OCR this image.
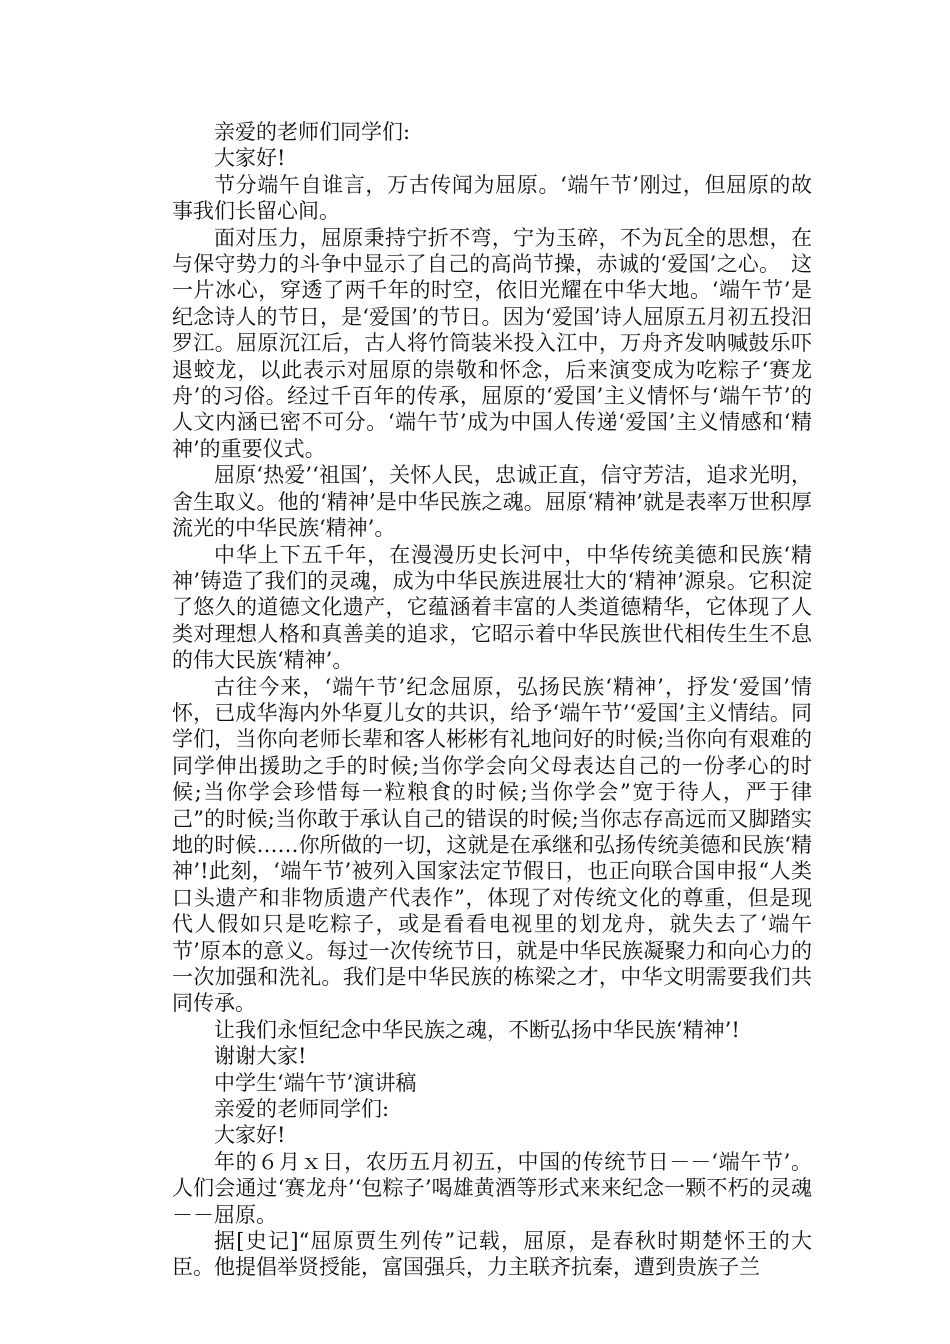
亲爱的老师们同学们:

大家好!

节分端午自谁言，万古传闻为屈原。‘端午节’刚过，但屈原的故事我们长留心间。

面对压力，屈原秉持宁折不弯，宁为玉碎，不为瓦全的思想，在与保守势力的斗争中显示了自己的高尚节操，赤诚的‘爱国’之心。　这一片冰心，穿透了两千年的时空，依旧光耀在中华大地。‘端午节’是纪念诗人的节日，是‘爱国’的节日。因为‘爱国’诗人屈原五月初五投汨罗江。屈原沉江后，古人将竹筒装米投入江中，万舟齐发呐喊鼓乐吓退蛟龙，以此表示对屈原的崇敬和怀念，后来演变成为吃粽子‘赛龙舟’的习俗。经过千百年的传承，屈原的‘爱国’主义情怀与‘端午节’的人文内涵已密不可分。‘端午节’成为中国人传递‘爱国’主义情感和‘精神’的重要仪式。

屈原‘热爱’‘祖国’，关怀人民，忠诚正直，信守芳洁，追求光明，舍生取义。他的‘精神’是中华民族之魂。屈原‘精神’就是表率万世积厚流光的中华民族‘精神’。

中华上下五千年，在漫漫历史长河中，中华传统美德和民族‘精神’铸造了我们的灵魂，成为中华民族进展壮大的‘精神’源泉。它积淀了悠久的道德文化遗产，它蕴涵着丰富的人类道德精华，它体现了人类对理想人格和真善美的追求，它昭示着中华民族世代相传生生不息的伟大民族‘精神’。

古往今来，‘端午节’纪念屈原，弘扬民族‘精神’，抒发‘爱国’情怀，已成华海内外华夏儿女的共识，给予‘端午节’‘爱国’主义情结。同学们，当你向老师长辈和客人彬彬有礼地问好的时候;当你向有艰难的同学伸出援助之手的时候;当你学会向父母表达自己的一份孝心的时候;当你学会珍惜每一粒粮食的时候;当你学会”宽于待人，严于律己”的时候;当你敢于承认自己的错误的时候;当你志存高远而又脚踏实地的时候……你所做的一切，这就是在承继和弘扬传统美德和民族‘精神’!此刻，‘端午节’被列入国家法定节假日，也正向联合国申报“人类口头遗产和非物质遗产代表作”，体现了对传统文化的尊重，但是现代人假如只是吃粽子，或是看看电视里的划龙舟，就失去了‘端午节’原本的意义。每过一次传统节日，就是中华民族凝聚力和向心力的一次加强和洗礼。我们是中华民族的栋梁之才，中华文明需要我们共同传承。

让我们永恒纪念中华民族之魂，不断弘扬中华民族‘精神’!

谢谢大家!

中学生‘端午节’演讲稿

亲爱的老师同学们:

大家好!

年的６月ｘ日，农历五月初五，中国的传统节日－－‘端午节’。人们会通过‘赛龙舟’‘包粽子’喝雄黄酒等形式来来纪念一颗不朽的灵魂－－屈原。

据[史记]“屈原贾生列传”记载，屈原，是春秋时期楚怀王的大臣。他提倡举贤授能，富国强兵，力主联齐抗秦，遭到贵族子兰
